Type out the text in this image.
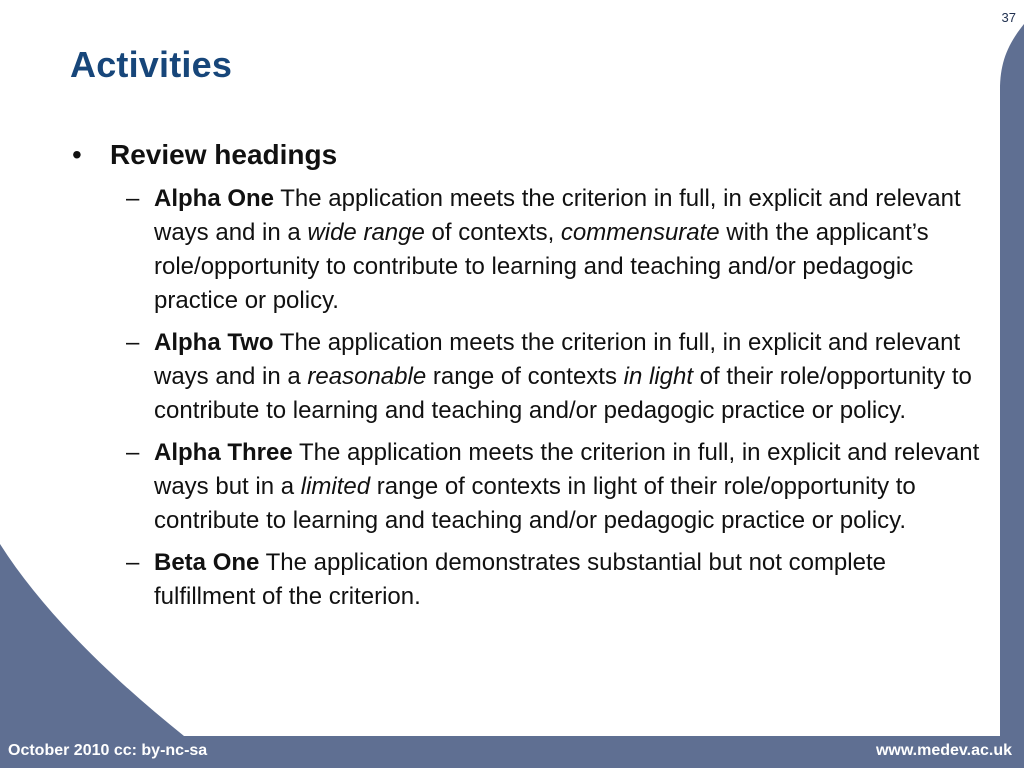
37
Activities
• Review headings
– Alpha One The application meets the criterion in full, in explicit and relevant ways and in a wide range of contexts, commensurate with the applicant’s role/opportunity to contribute to learning and teaching and/or pedagogic practice or policy.
– Alpha Two The application meets the criterion in full, in explicit and relevant ways and in a reasonable range of contexts in light of their role/opportunity to contribute to learning and teaching and/or pedagogic practice or policy.
– Alpha Three The application meets the criterion in full, in explicit and relevant ways but in a limited range of contexts in light of their role/opportunity to contribute to learning and teaching and/or pedagogic practice or policy.
– Beta One The application demonstrates substantial but not complete fulfillment of the criterion.
October 2010 cc: by-nc-sa	www.medev.ac.uk
